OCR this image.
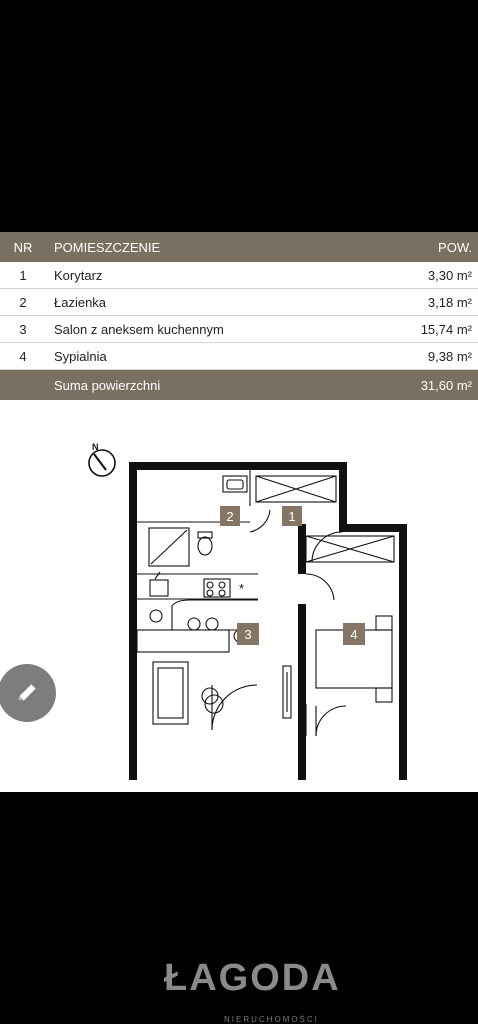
NR	POMIESZCZENIE	POW.
1	Korytarz	3,30 m²
2	Łazienka	3,18 m²
3	Salon z aneksem kuchennym	15,74 m²
4	Sypialnia	9,38 m²
	Suma powierzchni	31,60 m²
N
*
1
2
3	4
ŁAGODA
NIERUCHOMOŚCI
